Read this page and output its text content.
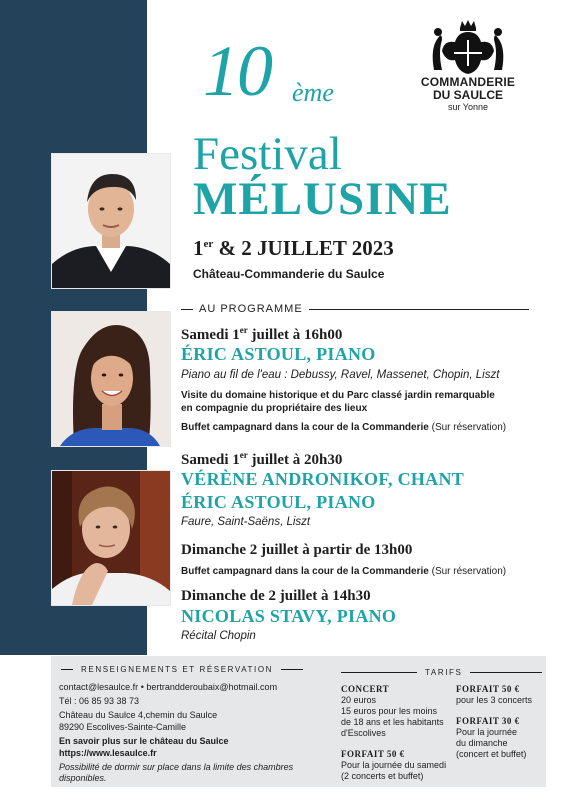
10 ème
Festival
MÉLUSINE
1er & 2 JUILLET 2023
Château-Commanderie du Saulce
COMMANDERIE
DU SAULCE
sur Yonne
AU PROGRAMME
Samedi 1er juillet à 16h00
ÉRIC ASTOUL, PIANO
Piano au fil de l'eau : Debussy, Ravel, Massenet, Chopin, Liszt
Visite du domaine historique et du Parc classé jardin remarquable
en compagnie du propriétaire des lieux
Buffet campagnard dans la cour de la Commanderie (Sur réservation)
Samedi 1er juillet à 20h30
VÉRÈNE ANDRONIKOF, CHANT
ÉRIC ASTOUL, PIANO
Faure, Saint-Saëns, Liszt
Dimanche 2 juillet à partir de 13h00
Buffet campagnard dans la cour de la Commanderie (Sur réservation)
Dimanche de 2 juillet à 14h30
NICOLAS STAVY, PIANO
Récital Chopin
RENSEIGNEMENTS ET RÉSERVATION
contact@lesaulce.fr • bertrandderoubaix@hotmail.com
Tél : 06 85 93 38 73
Château du Saulce 4,chemin du Saulce
89290 Escolives-Sainte-Camille
En savoir plus sur le château du Saulce
https://www.lesaulce.fr
Possibilité de dormir sur place dans la limite des chambres
disponibles.
TARIFS
CONCERT
20 euros
15 euros pour les moins
de 18 ans et les habitants
d'Escolives
FORFAIT 50 €
Pour la journée du samedi
(2 concerts et buffet)
FORFAIT 50 €
pour les 3 concerts
FORFAIT 30 €
Pour la journée
du dimanche
(concert et buffet)
